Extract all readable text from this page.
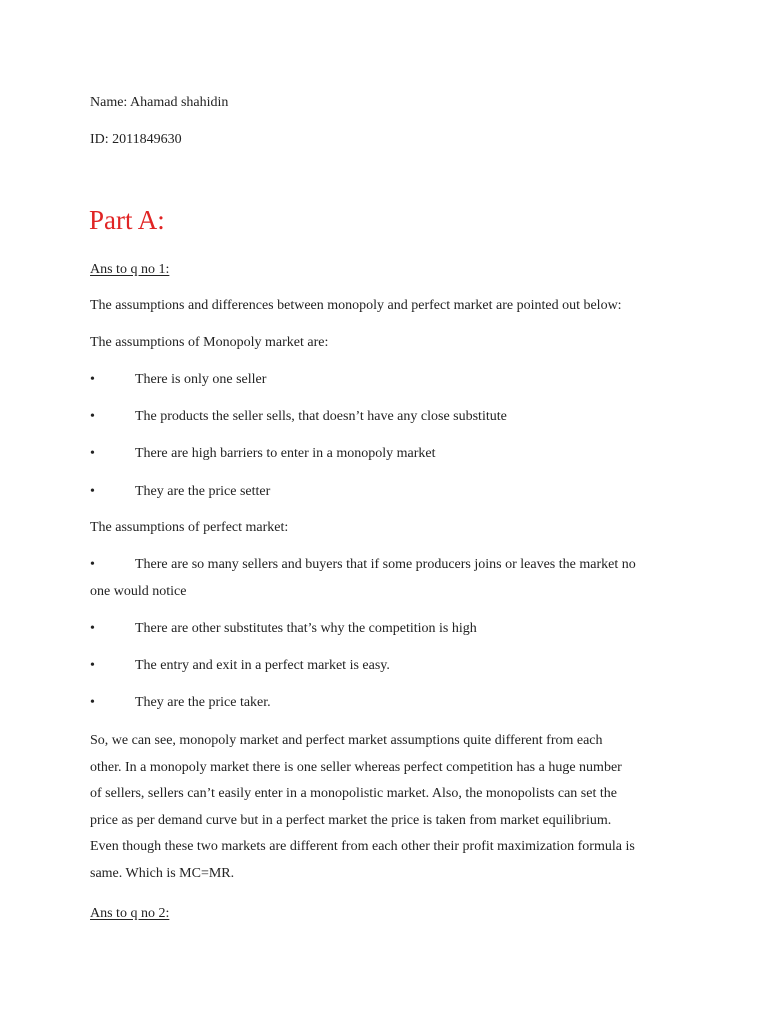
Name: Ahamad shahidin
ID: 2011849630
Part A:
Ans to q no 1:
The assumptions and differences between monopoly and perfect market are pointed out below:
The assumptions of Monopoly market are:
•	There is only one seller
•	The products the seller sells, that doesn’t have any close substitute
•	There are high barriers to enter in a monopoly market
•	They are the price setter
The assumptions of perfect market:
•	There are so many sellers and buyers that if some producers joins or leaves the market no
one would notice
•	There are other substitutes that’s why the competition is high
•	The entry and exit in a perfect market is easy.
•	They are the price taker.
So, we can see, monopoly market and perfect market assumptions quite different from each
other. In a monopoly market there is one seller whereas perfect competition has a huge number
of sellers, sellers can’t easily enter in a monopolistic market. Also, the monopolists can set the
price as per demand curve but in a perfect market the price is taken from market equilibrium.
Even though these two markets are different from each other their profit maximization formula is
same. Which is MC=MR.
Ans to q no 2:
